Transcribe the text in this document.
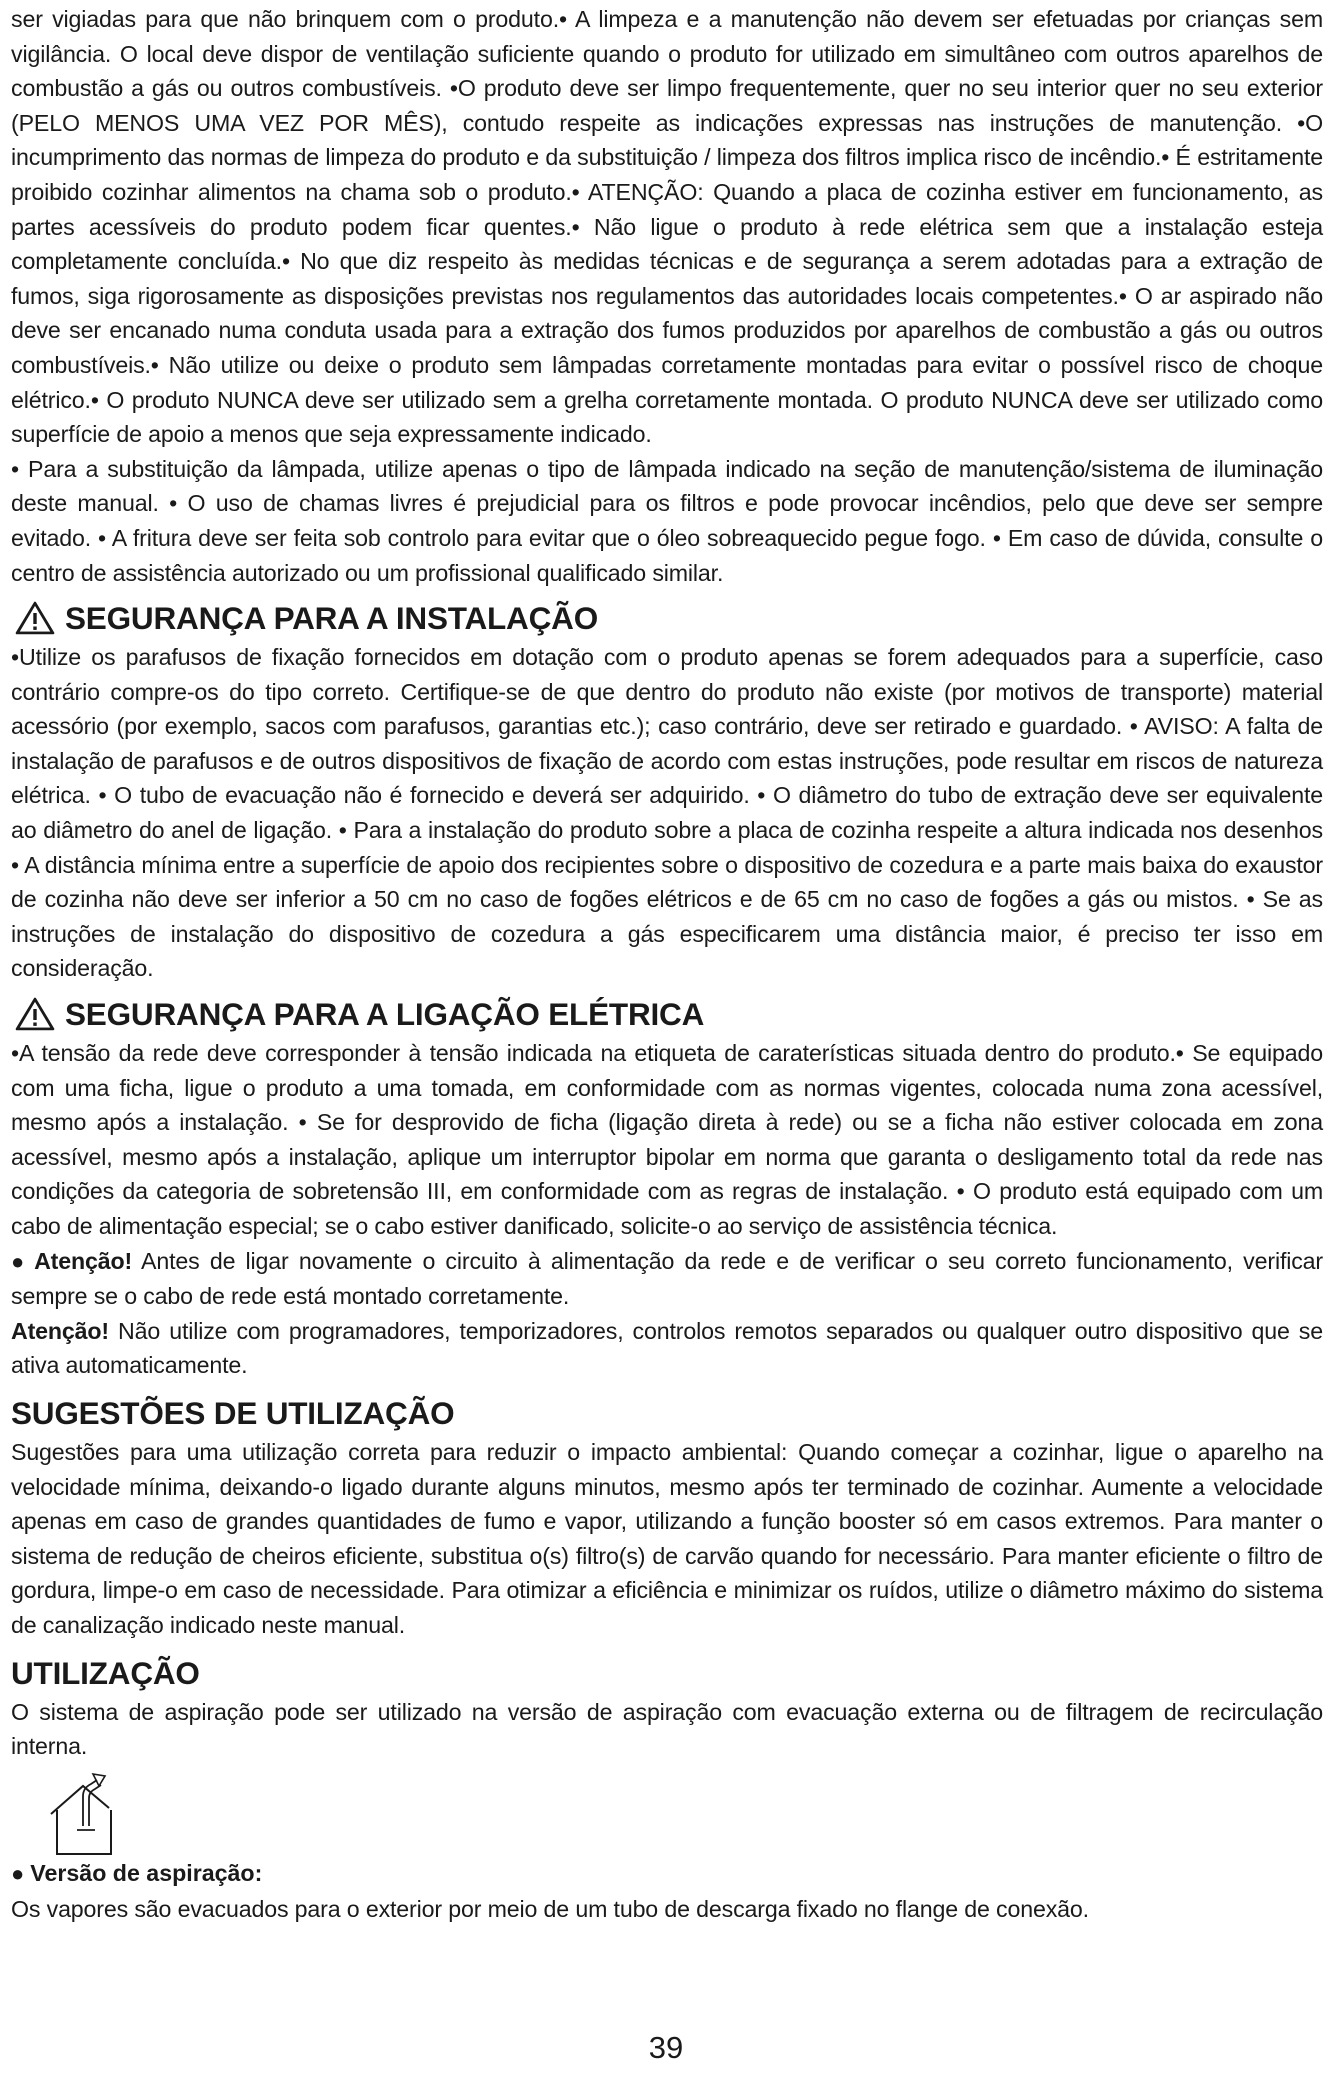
ser vigiadas para que não brinquem com o produto.• A limpeza e a manutenção não devem ser efetuadas por crianças sem vigilância. O local deve dispor de ventilação suficiente quando o produto for utilizado em simultâneo com outros aparelhos de combustão a gás ou outros combustíveis. •O produto deve ser limpo frequentemente, quer no seu interior quer no seu exterior (PELO MENOS UMA VEZ POR MÊS), contudo respeite as indicações expressas nas instruções de manutenção. •O incumprimento das normas de limpeza do produto e da substituição / limpeza dos filtros implica risco de incêndio.• É estritamente proibido cozinhar alimentos na chama sob o produto.• ATENÇÃO: Quando a placa de cozinha estiver em funcionamento, as partes acessíveis do produto podem ficar quentes.• Não ligue o produto à rede elétrica sem que a instalação esteja completamente concluída.• No que diz respeito às medidas técnicas e de segurança a serem adotadas para a extração de fumos, siga rigorosamente as disposições previstas nos regulamentos das autoridades locais competentes.• O ar aspirado não deve ser encanado numa conduta usada para a extração dos fumos produzidos por aparelhos de combustão a gás ou outros combustíveis.• Não utilize ou deixe o produto sem lâmpadas corretamente montadas para evitar o possível risco de choque elétrico.• O produto NUNCA deve ser utilizado sem a grelha corretamente montada. O produto NUNCA deve ser utilizado como superfície de apoio a menos que seja expressamente indicado.

• Para a substituição da lâmpada, utilize apenas o tipo de lâmpada indicado na seção de manutenção/sistema de iluminação deste manual. • O uso de chamas livres é prejudicial para os filtros e pode provocar incêndios, pelo que deve ser sempre evitado. • A fritura deve ser feita sob controlo para evitar que o óleo sobreaquecido pegue fogo. • Em caso de dúvida, consulte o centro de assistência autorizado ou um profissional qualificado similar.

SEGURANÇA PARA A INSTALAÇÃO

•Utilize os parafusos de fixação fornecidos em dotação com o produto apenas se forem adequados para a superfície, caso contrário compre-os do tipo correto. Certifique-se de que dentro do produto não existe (por motivos de transporte) material acessório (por exemplo, sacos com parafusos, garantias etc.); caso contrário, deve ser retirado e guardado. • AVISO: A falta de instalação de parafusos e de outros dispositivos de fixação de acordo com estas instruções, pode resultar em riscos de natureza elétrica. • O tubo de evacuação não é fornecido e deverá ser adquirido. • O diâmetro do tubo de extração deve ser equivalente ao diâmetro do anel de ligação. • Para a instalação do produto sobre a placa de cozinha respeite a altura indicada nos desenhos • A distância mínima entre a superfície de apoio dos recipientes sobre o dispositivo de cozedura e a parte mais baixa do exaustor de cozinha não deve ser inferior a 50 cm no caso de fogões elétricos e de 65 cm no caso de fogões a gás ou mistos. • Se as instruções de instalação do dispositivo de cozedura a gás especificarem uma distância maior, é preciso ter isso em consideração.

SEGURANÇA PARA A LIGAÇÃO ELÉTRICA

•A tensão da rede deve corresponder à tensão indicada na etiqueta de caraterísticas situada dentro do produto.• Se equipado com uma ficha, ligue o produto a uma tomada, em conformidade com as normas vigentes, colocada numa zona acessível, mesmo após a instalação. • Se for desprovido de ficha (ligação direta à rede) ou se a ficha não estiver colocada em zona acessível, mesmo após a instalação, aplique um interruptor bipolar em norma que garanta o desligamento total da rede nas condições da categoria de sobretensão III, em conformidade com as regras de instalação. • O produto está equipado com um cabo de alimentação especial; se o cabo estiver danificado, solicite-o ao serviço de assistência técnica.

● Atenção! Antes de ligar novamente o circuito à alimentação da rede e de verificar o seu correto funcionamento, verificar sempre se o cabo de rede está montado corretamente.

Atenção! Não utilize com programadores, temporizadores, controlos remotos separados ou qualquer outro dispositivo que se ativa automaticamente.

SUGESTÕES DE UTILIZAÇÃO

Sugestões para uma utilização correta para reduzir o impacto ambiental: Quando começar a cozinhar, ligue o aparelho na velocidade mínima, deixando-o ligado durante alguns minutos, mesmo após ter terminado de cozinhar. Aumente a velocidade apenas em caso de grandes quantidades de fumo e vapor, utilizando a função booster só em casos extremos. Para manter o sistema de redução de cheiros eficiente, substitua o(s) filtro(s) de carvão quando for necessário. Para manter eficiente o filtro de gordura, limpe-o em caso de necessidade. Para otimizar a eficiência e minimizar os ruídos, utilize o diâmetro máximo do sistema de canalização indicado neste manual.

UTILIZAÇÃO

O sistema de aspiração pode ser utilizado na versão de aspiração com evacuação externa ou de filtragem de recirculação interna.

● Versão de aspiração:

Os vapores são evacuados para o exterior por meio de um tubo de descarga fixado no flange de conexão.

39
